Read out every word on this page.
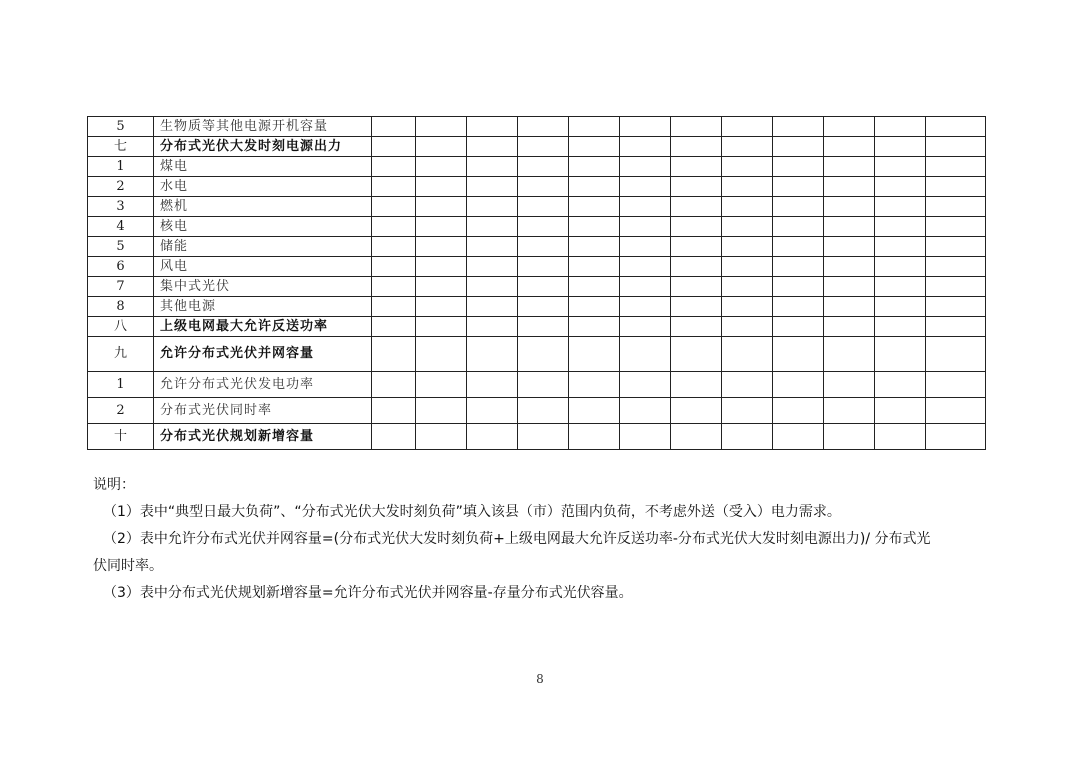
5	生物质等其他电源开机容量												
七	分布式光伏大发时刻电源出力												
1	煤电												
2	水电												
3	燃机												
4	核电												
5	储能												
6	风电												
7	集中式光伏												
8	其他电源												
八	上级电网最大允许反送功率												
九	允许分布式光伏并网容量												
1	允许分布式光伏发电功率												
2	分布式光伏同时率												
十	分布式光伏规划新增容量												

说明：

（1）表中“典型日最大负荷”、“分布式光伏大发时刻负荷”填入该县（市）范围内负荷，不考虑外送（受入）电力需求。

（2）表中允许分布式光伏并网容量=(分布式光伏大发时刻负荷+上级电网最大允许反送功率-分布式光伏大发时刻电源出力)/ 分布式光

伏同时率。

（3）表中分布式光伏规划新增容量=允许分布式光伏并网容量-存量分布式光伏容量。

8
